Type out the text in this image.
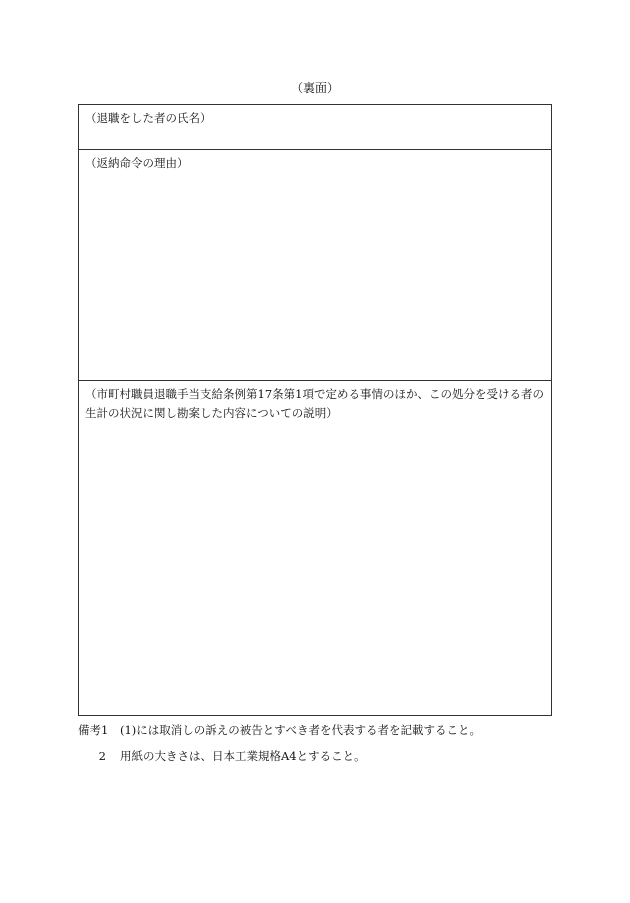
（裏面）
（退職をした者の氏名）
（返納命令の理由）
（市町村職員退職手当支給条例第17条第1項で定める事情のほか、この処分を受ける者の生計の状況に関し勘案した内容についての説明）
備考1	(1)には取消しの訴えの被告とすべき者を代表する者を記載すること。
2	用紙の大きさは、日本工業規格A4とすること。
